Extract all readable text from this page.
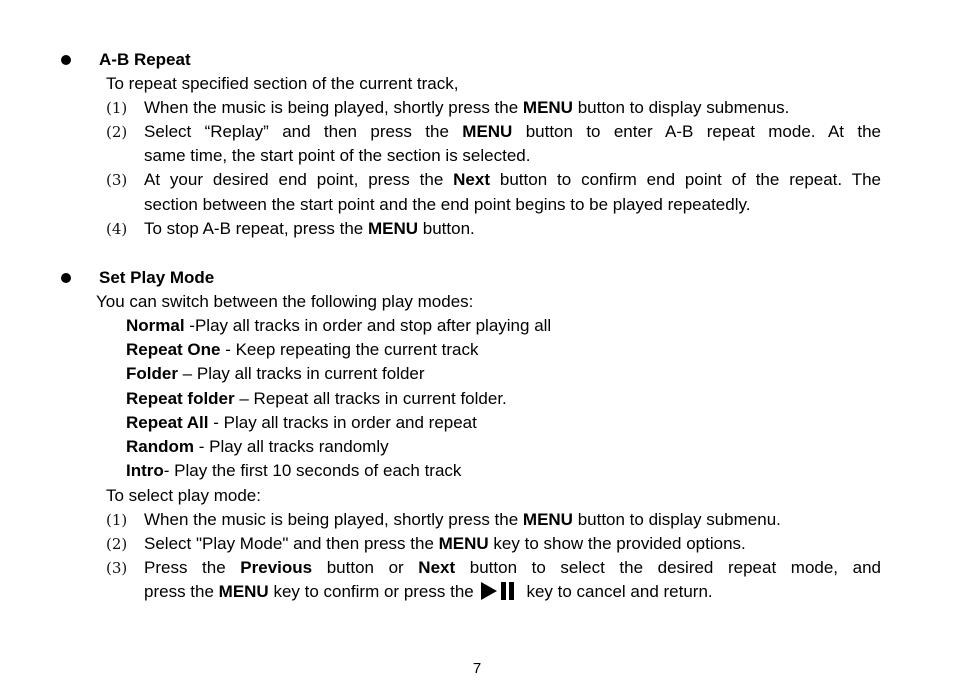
A-B Repeat
To repeat specified section of the current track,
(1) When the music is being played, shortly press the MENU button to display submenus.
(2) Select “Replay” and then press the MENU button to enter A-B repeat mode. At the
same time, the start point of the section is selected.
(3) At your desired end point, press the Next button to confirm end point of the repeat. The
section between the start point and the end point begins to be played repeatedly.
(4) To stop A-B repeat, press the MENU button.
Set Play Mode
You can switch between the following play modes:
Normal -Play all tracks in order and stop after playing all
Repeat One - Keep repeating the current track
Folder – Play all tracks in current folder
Repeat folder – Repeat all tracks in current folder.
Repeat All - Play all tracks in order and repeat
Random - Play all tracks randomly
Intro- Play the first 10 seconds of each track
To select play mode:
(1) When the music is being played, shortly press the MENU button to display submenu.
(2) Select "Play Mode" and then press the MENU key to show the provided options.
(3) Press the Previous button or Next button to select the desired repeat mode, and
press the MENU key to confirm or press the	key to cancel and return.
7
